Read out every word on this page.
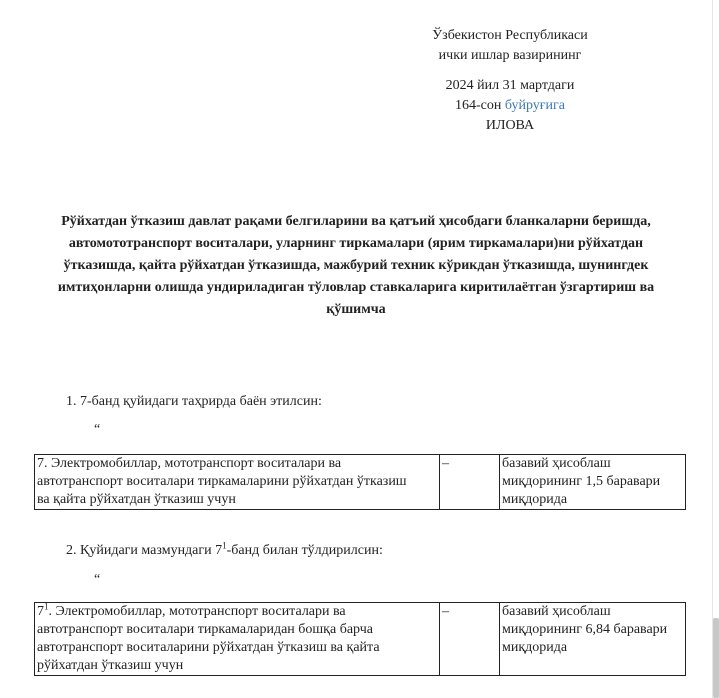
Ўзбекистон Республикаси
ички ишлар вазирининг
2024 йил 31 мартдаги
164-сон буйруғига
ИЛОВА
Рўйхатдан ўтказиш давлат рақами белгиларини ва қатъий ҳисобдаги бланкаларни беришда, автомототранспорт воситалари, уларнинг тиркамалари (ярим тиркамалари)ни рўйхатдан ўтказишда, қайта рўйхатдан ўтказишда, мажбурий техник кўрикдан ўтказишда, шунингдек имтиҳонларни олишда ундириладиган тўловлар ставкаларига киритилаётган ўзгартириш ва қўшимча
1. 7-банд қуйидаги таҳрирда баён этилсин:
“
7. Электромобиллар, мототранспорт воситалари ва
автотранспорт воситалари тиркамаларини рўйхатдан ўтказиш
ва қайта рўйхатдан ўтказиш учун
	–	базавий ҳисоблаш
миқдорининг 1,5 баравари
миқдорида
2. Қуйидаги мазмундаги $7^1$-банд билан тўлдирилсин:
“
$7^1$. Электромобиллар, мототранспорт воситалари ва
автотранспорт воситалари тиркамаларидан бошқа барча
автотранспорт воситаларини рўйхатдан ўтказиш ва қайта
рўйхатдан ўтказиш учун
	–	базавий ҳисоблаш
миқдорининг 6,84 баравари
миқдорида
